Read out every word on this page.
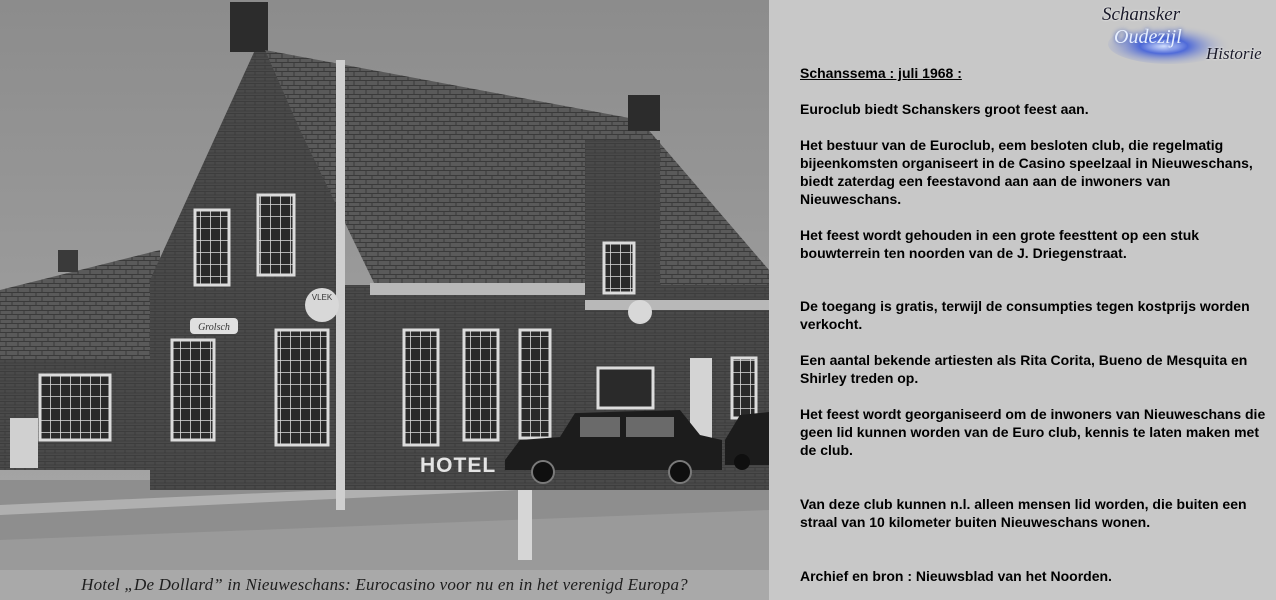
Grolsch
VLEK
HOTEL
Hotel „De Dollard” in Nieuweschans: Eurocasino voor nu en in het verenigd Europa?
Schansker
Oudezijl
Historie

Schanssema : juli 1968 :

Euroclub biedt Schanskers groot feest aan.

Het bestuur van de Euroclub, eem besloten club, die regelmatig bijeenkomsten organiseert in de Casino speelzaal in Nieuweschans, biedt zaterdag een feestavond aan aan de inwoners van Nieuweschans.

Het feest wordt gehouden in een grote feesttent op een stuk bouwterrein ten noorden van de J. Driegenstraat.

De toegang is gratis, terwijl de consumpties tegen kostprijs worden verkocht.

Een aantal bekende artiesten als Rita Corita, Bueno de Mesquita en Shirley treden op.

Het feest wordt georganiseerd om de inwoners van Nieuweschans die geen lid kunnen worden van de Euro club, kennis te laten maken met de club.

Van deze club kunnen n.l. alleen mensen lid worden, die buiten een straal van 10 kilometer buiten Nieuweschans wonen.

Archief en bron : Nieuwsblad van het Noorden.
